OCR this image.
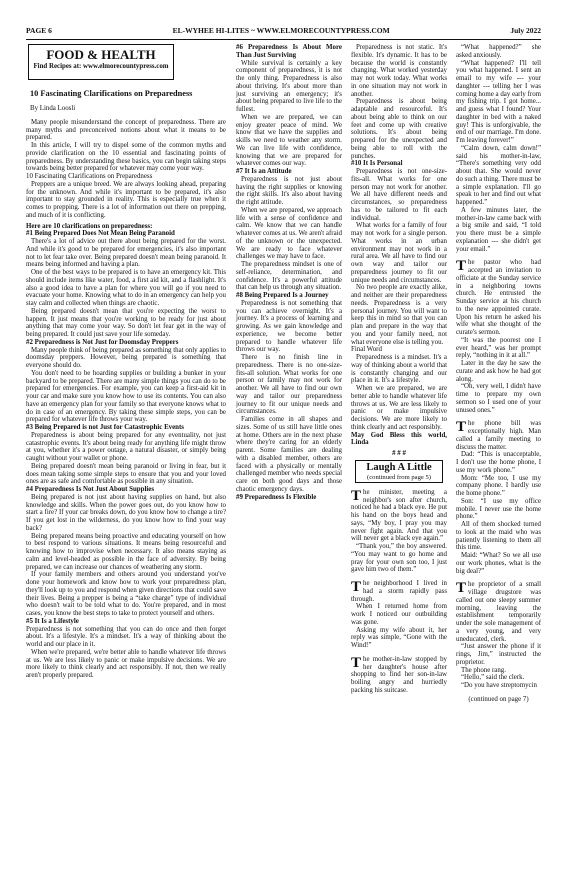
PAGE 6	EL-WYHEE HI-LITES ~ WWW.ELMORECOUNTYPRESS.COM	July 2022
FOOD & HEALTH
Find Recipes at: www.elmorecountypress.com
10 Fascinating Clarifications on Preparedness
By Linda Loosli

Many people misunderstand the concept of preparedness. There are many myths and preconceived notions about what it means to be prepared.

In this article, I will try to dispel some of the common myths and provide clarification on the 10 essential and fascinating points of preparedness. By understanding these basics, you can begin taking steps towards being better prepared for whatever may come your way.

10 Fascinating Clarifications on Preparedness

Preppers are a unique breed. We are always looking ahead, preparing for the unknown. And while it's important to be prepared, it's also important to stay grounded in reality. This is especially true when it comes to prepping. There is a lot of information out there on prepping, and much of it is conflicting.

Here are 10 clarifications on preparedness:

#1 Being Prepared Does Not Mean Being Paranoid

There's a lot of advice out there about being prepared for the worst. And while it's good to be prepared for emergencies, it's also important not to let fear take over. Being prepared doesn't mean being paranoid. It means being informed and having a plan.

One of the best ways to be prepared is to have an emergency kit. This should include items like water, food, a first aid kit, and a flashlight. It's also a good idea to have a plan for where you will go if you need to evacuate your home. Knowing what to do in an emergency can help you stay calm and collected when things are chaotic.

Being prepared doesn't mean that you're expecting the worst to happen. It just means that you're working to be ready for just about anything that may come your way. So don't let fear get in the way of being prepared. It could just save your life someday.

#2 Preparedness is Not Just for Doomsday Preppers

Many people think of being prepared as something that only applies to doomsday preppers. However, being prepared is something that everyone should do.

You don't need to be hoarding supplies or building a bunker in your backyard to be prepared. There are many simple things you can do to be prepared for emergencies. For example, you can keep a first-aid kit in your car and make sure you know how to use its contents. You can also have an emergency plan for your family so that everyone knows what to do in case of an emergency. By taking these simple steps, you can be prepared for whatever life throws your way.

#3 Being Prepared is not Just for Catastrophic Events

Preparedness is about being prepared for any eventuality, not just catastrophic events. It's about being ready for anything life might throw at you, whether it's a power outage, a natural disaster, or simply being caught without your wallet or phone.

Being prepared doesn't mean being paranoid or living in fear, but it does mean taking some simple steps to ensure that you and your loved ones are as safe and comfortable as possible in any situation.

#4 Preparedness Is Not Just About Supplies

Being prepared is not just about having supplies on hand, but also knowledge and skills. When the power goes out, do you know how to start a fire? If your car breaks down, do you know how to change a tire? If you get lost in the wilderness, do you know how to find your way back?

Being prepared means being proactive and educating yourself on how to best respond to various situations. It means being resourceful and knowing how to improvise when necessary. It also means staying as calm and level-headed as possible in the face of adversity. By being prepared, we can increase our chances of weathering any storm.

If your family members and others around you understand you've done your homework and know how to work your preparedness plan, they'll look up to you and respond when given directions that could save their lives. Being a prepper is being a “take charge” type of individual who doesn't wait to be told what to do. You're prepared, and in most cases, you know the best steps to take to protect yourself and others.

#5 It Is a Lifestyle

Preparedness is not something that you can do once and then forget about. It's a lifestyle. It's a mindset. It's a way of thinking about the world and our place in it.

When we're prepared, we're better able to handle whatever life throws at us. We are less likely to panic or make impulsive decisions. We are more likely to think clearly and act responsibly. If not, then we really aren't properly prepared.

#6 Preparedness Is About More Than Just Surviving

While survival is certainly a key component of preparedness, it is not the only thing. Preparedness is also about thriving. It's about more than just surviving an emergency; it's about being prepared to live life to the fullest.

When we are prepared, we can enjoy greater peace of mind. We know that we have the supplies and skills we need to weather any storm. We can live life with confidence, knowing that we are prepared for whatever comes our way.

#7 It Is an Attitude

Preparedness is not just about having the right supplies or knowing the right skills. It's also about having the right attitude.

When we are prepared, we approach life with a sense of confidence and calm. We know that we can handle whatever comes at us. We aren't afraid of the unknown or the unexpected. We are ready to face whatever challenges we may have to face.

The preparedness mindset is one of self-reliance, determination, and confidence. It's a powerful attitude that can help us through any situation.

#8 Being Prepared Is a Journey

Preparedness is not something that you can achieve overnight. It's a journey. It's a process of learning and growing. As we gain knowledge and experience, we become better prepared to handle whatever life throws our way.

There is no finish line in preparedness. There is no one-size-fits-all solution. What works for one person or family may not work for another. We all have to find our own way and tailor our preparedness journey to fit our unique needs and circumstances.

Families come in all shapes and sizes. Some of us still have little ones at home. Others are in the next phase where they're caring for an elderly parent. Some families are dealing with a disabled member, others are faced with a physically or mentally challenged member who needs special care on both good days and those chaotic emergency days.

#9 Preparedness Is Flexible

Preparedness is not static. It's flexible. It's dynamic. It has to be because the world is constantly changing. What worked yesterday may not work today. What works in one situation may not work in another.

Preparedness is about being adaptable and resourceful. It's about being able to think on our feet and come up with creative solutions. It's about being prepared for the unexpected and being able to roll with the punches.

#10 It Is Personal

Preparedness is not one-size-fits-all. What works for one person may not work for another. We all have different needs and circumstances, so preparedness has to be tailored to fit each individual.

What works for a family of four may not work for a single person. What works in an urban environment may not work in a rural area. We all have to find our own way and tailor our preparedness journey to fit our unique needs and circumstances.

No two people are exactly alike, and neither are their preparedness needs. Preparedness is a very personal journey. You will want to keep this in mind so that you can plan and prepare in the way that you and your family need, not what everyone else is telling you.

Final Word

Preparedness is a mindset. It's a way of thinking about a world that is constantly changing and our place in it. It's a lifestyle.

When we are prepared, we are better able to handle whatever life throws at us. We are less likely to panic or make impulsive decisions. We are more likely to think clearly and act responsibly.

May God Bless this world, Linda

# # #

Laugh A Little
(continued from page 5)

The minister, meeting a neighbor's son after church, noticed he had a black eye. He put his hand on the boys head and says, “My boy, I pray you may never fight again. And that you will never get a black eye again.”

“Thank you,” the boy answered. “You may want to go home and pray for your own son too, I just gave him two of them.”

The neighborhood I lived in had a storm rapidly pass through.

When I returned home from work I noticed our outbuilding was gone.

Asking my wife about it, her reply was simple, “Gone with the Wind!”

The mother-in-law stopped by her daughter's house after shopping to find her son-in-law boiling angry and hurriedly packing his suitcase.

“What happened?” she asked anxiously.

“What happened? I'll tell you what happened. I sent an email to my wife --- your daughter --- telling her I was coming home a day early from my fishing trip. I got home... and guess what I found? Your daughter in bed with a naked guy! This is unforgivable, the end of our marriage. I'm done. I'm leaving forever!”

“Calm down, calm down!” said his mother-in-law, “There's something very odd about that. She would never do such a thing. There must be a simple explanation. I'll go speak to her and find out what happened.”

A few minutes later, the mother-in-law came back with a big smile and said, “I told you there must be a simple explanation --- she didn't get your email.”

The pastor who had accepted an invitation to officiate at the Sunday service in a neighboring towns church. He entrusted the Sunday service at his church to the new appointed curate. Upon his return he asked his wife what she thought of the curate's sermon.

“It was the poorest one I ever heard,” was her prompt reply, “nothing in it at all.”

Later in the day he saw the curate and ask how he had got along.

“Oh, very well, I didn't have time to prepare my own sermon so I used one of your unused ones.”

The phone bill was exceptionally high. Man called a family meeting to discuss the matter.

Dad: “This is unacceptable, I don't use the home phone, I use my work phone.”

Mom: “Me too, I use my company phone. I hardly use the home phone.”

Son: “I use my office mobile. I never use the home phone.”

All of them shocked turned to look at the maid who was patiently listening to them all this time.

Maid: “What? So we all use our work phones, what is the big deal?”

The proprietor of a small village drugstore was called out one sleepy summer morning, leaving the establishment temporarily under the sole management of a very young, and very uneducated, clerk.

“Just answer the phone if it rings, Jim,” instructed the proprietor.

The phone rang.

“Hello,” said the clerk.

“Do you have streptomycin

(continued on page 7)
